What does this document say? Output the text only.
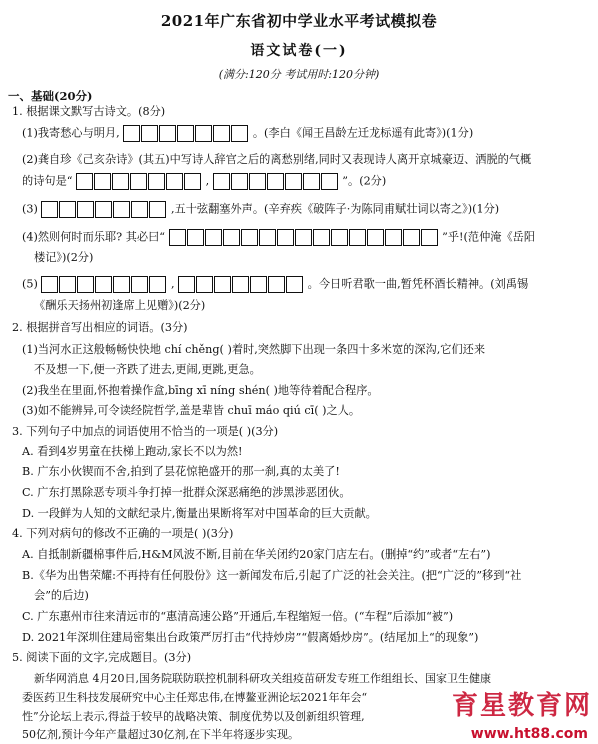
2021年广东省初中学业水平考试模拟卷
语文试卷(一)
(满分:120分 考试用时:120分钟)
一、基础(20分)
1. 根据课文默写古诗文。(8分)
(1)我寄愁心与明月,	。(李白《闻王昌龄左迁龙标遥有此寄》)(1分)
(2)龚自珍《己亥杂诗》(其五)中写诗人辞官之后的离愁别绪,同时又表现诗人离开京城豪迈、洒脱的气概
的诗句是“	,	”。(2分)
(3)	,五十弦翻塞外声。(辛弃疾《破阵子·为陈同甫赋壮词以寄之》)(1分)
(4)然则何时而乐耶? 其必曰“	”乎!(范仲淹《岳阳
楼记》)(2分)
(5)	,	。今日听君歌一曲,暂凭杯酒长精神。(刘禹锡
《酬乐天扬州初逢席上见赠》)(2分)
2. 根据拼音写出相应的词语。(3分)
(1)当河水正这般畅畅快快地 chí chěng( )着时,突然脚下出现一条四十多米宽的深沟,它们还来
不及想一下,便一齐跌了进去,更闹,更跳,更急。
(2)我坐在里面,怀抱着操作盒,bīng xī níng shén( )地等待着配合程序。
(3)如不能辨异,可令读经院哲学,盖是辈皆 chuī máo qiú cī( )之人。
3. 下列句子中加点的词语使用不恰当的一项是( )(3分)
A. 看到4岁男童在扶梯上跑动,家长不以为然!
B. 广东小伙锲而不舍,拍到了昙花惊艳盛开的那一刹,真的太美了!
C. 广东打黑除恶专项斗争打掉一批群众深恶痛绝的涉黑涉恶团伙。
D. 一段鲜为人知的文献纪录片,衡量出果断将军对中国革命的巨大贡献。
4. 下列对病句的修改不正确的一项是( )(3分)
A. 自抵制新疆棉事件后,H&M风波不断,目前在华关闭约20家门店左右。(删掉“约”或者“左右”)
B.《华为出售荣耀:不再持有任何股份》这一新闻发布后,引起了广泛的社会关注。(把“广泛的”移到“社
会”的后边)
C. 广东惠州市往来清远市的“惠清高速公路”开通后,车程缩短一倍。(“车程”后添加“被”)
D. 2021年深圳住建局密集出台政策严厉打击“代持炒房”“假离婚炒房”。(结尾加上“的现象”)
5. 阅读下面的文字,完成题目。(3分)
新华网消息 4月20日,国务院联防联控机制科研攻关组疫苗研发专班工作组组长、国家卫生健康
委医药卫生科技发展研究中心主任郑忠伟,在博鳌亚洲论坛2021年年会“
性”分论坛上表示,得益于较早的战略决策、制度优势以及创新组织管理,
50亿剂,预计今年产量超过30亿剂,在下半年将逐步实现。
育星教育网
www.ht88.com
